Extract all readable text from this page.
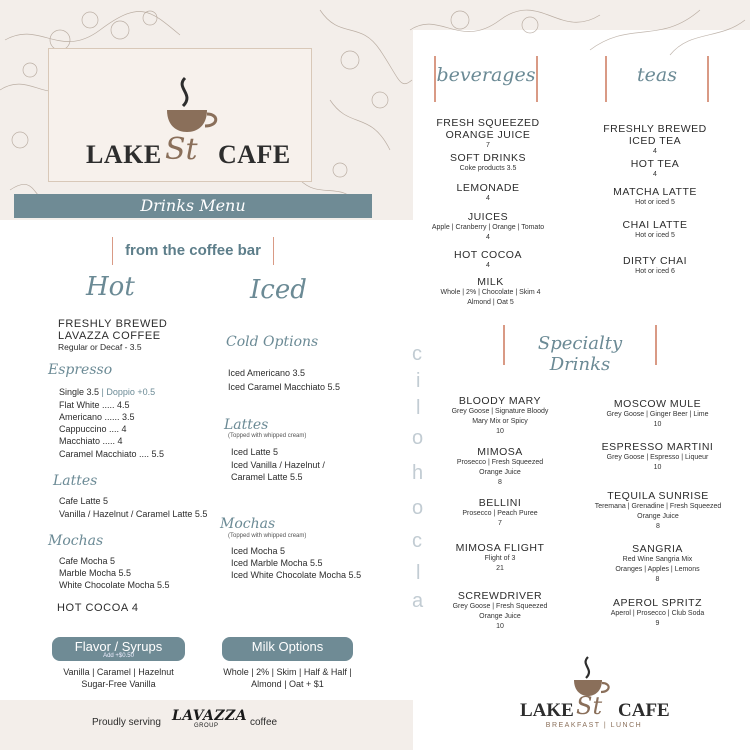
LAKE St CAFE
Drinks Menu
from the coffee bar
Hot
FRESHLY BREWED
LAVAZZA COFFEE
Regular or Decaf - 3.5
Espresso
Single 3.5 | Doppio +0.5
Flat White ..... 4.5
Americano ...... 3.5
Cappuccino .... 4
Macchiato ..... 4
Caramel Macchiato .... 5.5
Lattes
Cafe Latte 5
Vanilla / Hazelnut / Caramel Latte 5.5
Mochas
Cafe Mocha 5
Marble Mocha 5.5
White Chocolate Mocha 5.5
HOT COCOA 4
Iced
Cold Options
Iced Americano 3.5
Iced Caramel Macchiato 5.5
Lattes
(Topped with whipped cream)
Iced Latte 5
Iced Vanilla / Hazelnut /
Caramel Latte 5.5
Mochas
(Topped with whipped cream)
Iced Mocha 5
Iced Marble Mocha 5.5
Iced White Chocolate Mocha 5.5
Flavor / Syrups
Add +$0.50
Vanilla | Caramel | Hazelnut
Sugar-Free Vanilla
Milk Options
Whole | 2% | Skim | Half & Half |
Almond | Oat + $1
Proudly serving LAVAZZA
GROUP	coffee
beverages	teas
FRESH SQUEEZED
ORANGE JUICE
7
SOFT DRINKS
Coke products 3.5
LEMONADE
4
JUICES
Apple | Cranberry | Orange | Tomato
4
HOT COCOA
4
MILK
Whole | 2% | Chocolate | Skim 4
Almond | Oat 5
FRESHLY BREWED
ICED TEA
4
HOT TEA
4
MATCHA LATTE
Hot or iced 5
CHAI LATTE
Hot or iced 5
DIRTY CHAI
Hot or iced 6
a
l
c
o
h
o
l
i
c	Specialty Drinks
BLOODY MARY
Grey Goose | Signature Bloody
Mary Mix or Spicy
10
MIMOSA
Prosecco | Fresh Squeezed
Orange Juice
8
BELLINI
Prosecco | Peach Puree
7
MIMOSA FLIGHT
Flight of 3
21
SCREWDRIVER
Grey Goose | Fresh Squeezed
Orange Juice
10
MOSCOW MULE
Grey Goose | Ginger Beer | Lime
10
ESPRESSO MARTINI
Grey Goose | Espresso | Liqueur
10
TEQUILA SUNRISE
Teremana | Grenadine | Fresh Squeezed
Orange Juice
8
SANGRIA
Red Wine Sangria Mix
Oranges | Apples | Lemons
8
APEROL SPRITZ
Aperol | Prosecco | Club Soda
9
LAKE St CAFE
BREAKFAST | LUNCH
